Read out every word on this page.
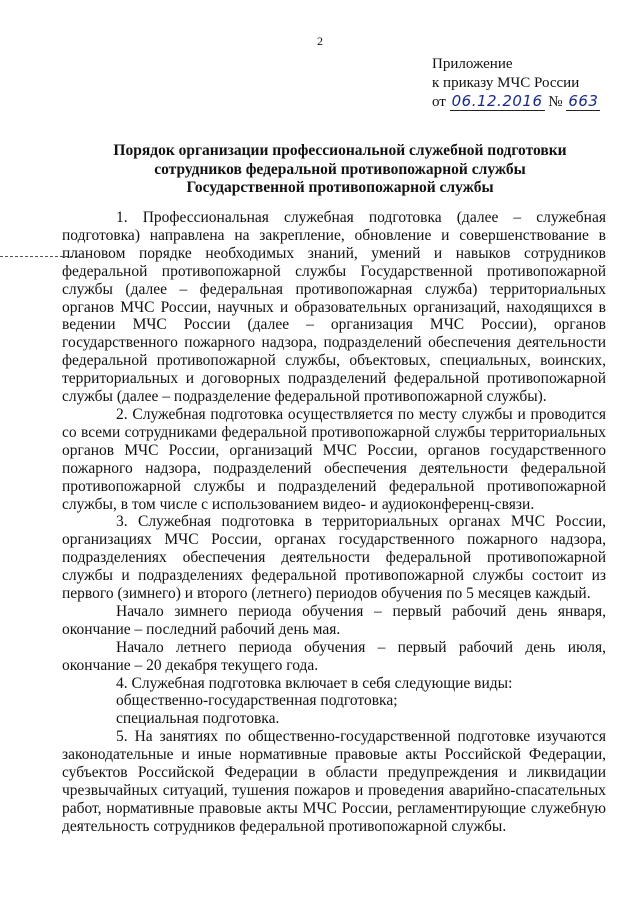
2
Приложение
к приказу МЧС России
от 06.12.2016 № 663
Порядок организации профессиональной служебной подготовки
сотрудников федеральной противопожарной службы
Государственной противопожарной службы

1. Профессиональная служебная подготовка (далее – служебная подготовка) направлена на закрепление, обновление и совершенствование в плановом порядке необходимых знаний, умений и навыков сотрудников федеральной противопожарной службы Государственной противопожарной службы (далее – федеральная противопожарная служба) территориальных органов МЧС России, научных и образовательных организаций, находящихся в ведении МЧС России (далее – организация МЧС России), органов государственного пожарного надзора, подразделений обеспечения деятельности федеральной противопожарной службы, объектовых, специальных, воинских, территориальных и договорных подразделений федеральной противопожарной службы (далее – подразделение федеральной противопожарной службы).

2. Служебная подготовка осуществляется по месту службы и проводится со всеми сотрудниками федеральной противопожарной службы территориальных органов МЧС России, организаций МЧС России, органов государственного пожарного надзора, подразделений обеспечения деятельности федеральной противопожарной службы и подразделений федеральной противопожарной службы, в том числе с использованием видео- и аудиоконференц-связи.

3. Служебная подготовка в территориальных органах МЧС России, организациях МЧС России, органах государственного пожарного надзора, подразделениях обеспечения деятельности федеральной противопожарной службы и подразделениях федеральной противопожарной службы состоит из первого (зимнего) и второго (летнего) периодов обучения по 5 месяцев каждый.

Начало зимнего периода обучения – первый рабочий день января, окончание – последний рабочий день мая.

Начало летнего периода обучения – первый рабочий день июля, окончание – 20 декабря текущего года.

4. Служебная подготовка включает в себя следующие виды:

общественно-государственная подготовка;

специальная подготовка.

5. На занятиях по общественно-государственной подготовке изучаются законодательные и иные нормативные правовые акты Российской Федерации, субъектов Российской Федерации в области предупреждения и ликвидации чрезвычайных ситуаций, тушения пожаров и проведения аварийно-спасательных работ, нормативные правовые акты МЧС России, регламентирующие служебную деятельность сотрудников федеральной противопожарной службы.
